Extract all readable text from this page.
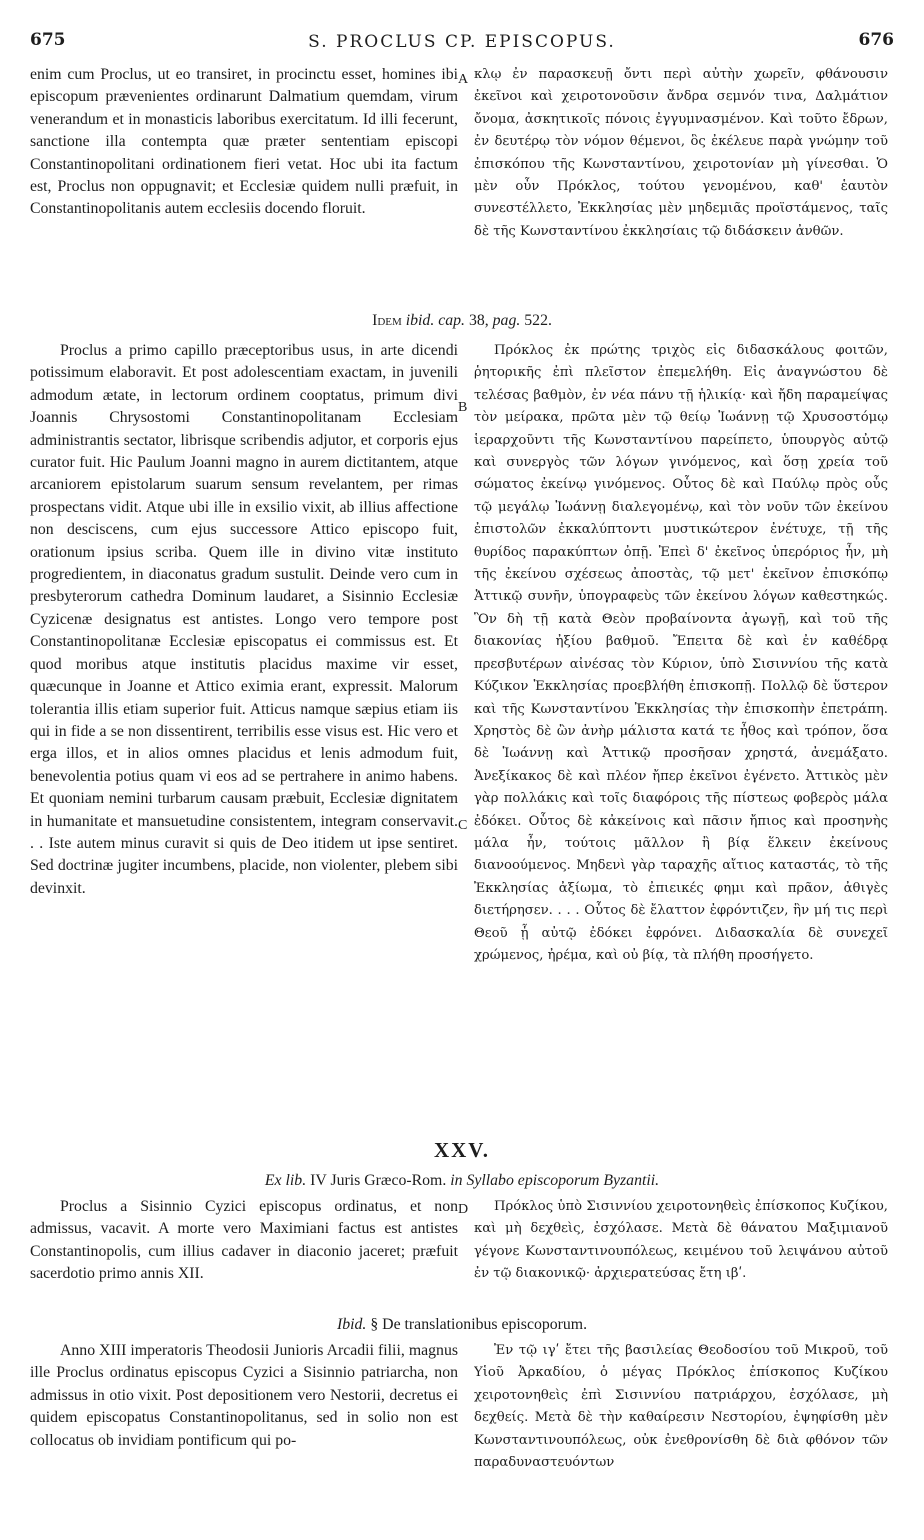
675	S. PROCLUS CP. EPISCOPUS.	676

enim cum Proclus, ut eo transiret, in procinctu esset, homines ibi episcopum prævenientes ordinarunt Dalmatium quemdam, virum venerandum et in monasticis laboribus exercitatum. Id illi fecerunt, sanctione illa contempta quæ præter sententiam episcopi Constantinopolitani ordinationem fieri vetat. Hoc ubi ita factum est, Proclus non oppugnavit; et Ecclesiæ quidem nulli præfuit, in Constantinopolitanis autem ecclesiis docendo floruit.

A κλῳ ἐν παρασκευῇ ὄντι περὶ αὐτὴν χωρεῖν, φθάνουσιν ἐκεῖνοι καὶ χειροτονοῦσιν ἄνδρα σεμνόν τινα, Δαλμάτιον ὄνομα, ἀσκητικοῖς πόνοις ἐγγυμνασμένον. Καὶ τοῦτο ἔδρων, ἐν δευτέρῳ τὸν νόμον θέμενοι, ὃς ἐκέλευε παρὰ γνώμην τοῦ ἐπισκόπου τῆς Κωνσταντίνου, χειροτονίαν μὴ γίνεσθαι. Ὁ μὲν οὖν Πρόκλος, τούτου γενομένου, καθ' ἑαυτὸν συνεστέλλετο, Ἐκκλησίας μὲν μηδεμιᾶς προϊστάμενος, ταῖς δὲ τῆς Κωνσταντίνου ἐκκλησίαις τῷ διδάσκειν ἀνθῶν.

Idem ibid. cap. 38, pag. 522.

Proclus a primo capillo præceptoribus usus, in arte dicendi potissimum elaboravit. Et post adolescentiam exactam, in juvenili admodum ætate, in lectorum ordinem cooptatus, primum divi Joannis Chrysostomi Constantinopolitanam Ecclesiam administrantis sectator, librisque scribendis adjutor, et corporis ejus curator fuit. Hic Paulum Joanni magno in aurem dictitantem, atque arcaniorem epistolarum suarum sensum revelantem, per rimas prospectans vidit. Atque ubi ille in exsilio vixit, ab illius affectione non desciscens, cum ejus successore Attico episcopo fuit, orationum ipsius scriba. Quem ille in divino vitæ instituto progredientem, in diaconatus gradum sustulit. Deinde vero cum in presbyterorum cathedra Dominum laudaret, a Sisinnio Ecclesiæ Cyzicenæ designatus est antistes. Longo vero tempore post Constantinopolitanæ Ecclesiæ episcopatus ei commissus est. Et quod moribus atque institutis placidus maxime vir esset, quæcunque in Joanne et Attico eximia erant, expressit. Malorum tolerantia illis etiam superior fuit. Atticus namque sæpius etiam iis qui in fide a se non dissentirent, terribilis esse visus est. Hic vero et erga illos, et in alios omnes placidus et lenis admodum fuit, benevolentia potius quam vi eos ad se pertrahere in animo habens. Et quoniam nemini turbarum causam præbuit, Ecclesiæ dignitatem in humanitate et mansuetudine consistentem, integram conservavit. . . Iste autem minus curavit si quis de Deo itidem ut ipse sentiret. Sed doctrinæ jugiter incumbens, placide, non violenter, plebem sibi devinxit.

B
C

Πρόκλος ἐκ πρώτης τριχὸς εἰς διδασκάλους φοιτῶν, ῥητορικῆς ἐπὶ πλεῖστον ἐπεμελήθη. Εἰς ἀναγνώστου δὲ τελέσας βαθμὸν, ἐν νέα πάνυ τῇ ἡλικίᾳ· καὶ ἤδη παραμείψας τὸν μείρακα, πρῶτα μὲν τῷ θείῳ Ἰωάννῃ τῷ Χρυσοστόμῳ ἱεραρχοῦντι τῆς Κωνσταντίνου παρείπετο, ὑπουργὸς αὐτῷ καὶ συνεργὸς τῶν λόγων γινόμενος, καὶ ὅσῃ χρεία τοῦ σώματος ἐκείνῳ γινόμενος. Οὗτος δὲ καὶ Παύλῳ πρὸς οὖς τῷ μεγάλῳ Ἰωάννῃ διαλεγομένῳ, καὶ τὸν νοῦν τῶν ἐκείνου ἐπιστολῶν ἐκκαλύπτοντι μυστικώτερον ἐνέτυχε, τῇ τῆς θυρίδος παρακύπτων ὀπῇ. Ἐπεὶ δ' ἐκεῖνος ὑπερόριος ἦν, μὴ τῆς ἐκείνου σχέσεως ἀποστὰς, τῷ μετ' ἐκεῖνον ἐπισκόπῳ Ἀττικῷ συνῆν, ὑπογραφεὺς τῶν ἐκείνου λόγων καθεστηκώς. Ὃν δὴ τῇ κατὰ Θεὸν προβαίνοντα ἀγωγῇ, καὶ τοῦ τῆς διακονίας ἠξίου βαθμοῦ. Ἔπειτα δὲ καὶ ἐν καθέδρᾳ πρεσβυτέρων αἰνέσας τὸν Κύριον, ὑπὸ Σισιννίου τῆς κατὰ Κύζικον Ἐκκλησίας προεβλήθη ἐπισκοπῇ. Πολλῷ δὲ ὕστερον καὶ τῆς Κωνσταντίνου Ἐκκλησίας τὴν ἐπισκοπὴν ἐπετράπη. Χρηστὸς δὲ ὢν ἀνὴρ μάλιστα κατά τε ἦθος καὶ τρόπον, ὅσα δὲ Ἰωάννῃ καὶ Ἀττικῷ προσῆσαν χρηστά, ἀνεμάξατο. Ἀνεξίκακος δὲ καὶ πλέον ἤπερ ἐκεῖνοι ἐγένετο. Ἀττικὸς μὲν γὰρ πολλάκις καὶ τοῖς διαφόροις τῆς πίστεως φοβερὸς μάλα ἐδόκει. Οὗτος δὲ κἀκείνοις καὶ πᾶσιν ἤπιος καὶ προσηνὴς μάλα ἦν, τούτοις μᾶλλον ἢ βίᾳ ἕλκειν ἐκείνους διανοούμενος. Μηδενὶ γὰρ ταραχῆς αἴτιος καταστάς, τὸ τῆς Ἐκκλησίας ἀξίωμα, τὸ ἐπιεικές φημι καὶ πρᾶον, ἀθιγὲς διετήρησεν. . . . Οὗτος δὲ ἔλαττον ἐφρόντιζεν, ἣν μή τις περὶ Θεοῦ ᾗ αὐτῷ ἐδόκει ἐφρόνει. Διδασκαλία δὲ συνεχεῖ χρώμενος, ἠρέμα, καὶ οὐ βίᾳ, τὰ πλήθη προσήγετο.

XXV.
Ex lib. IV Juris Græco-Rom. in Syllabo episcoporum Byzantii.

Proclus a Sisinnio Cyzici episcopus ordinatus, et non admissus, vacavit. A morte vero Maximiani factus est antistes Constantinopolis, cum illius cadaver in diaconio jaceret; præfuit sacerdotio primo annis XII.

D	Πρόκλος ὑπὸ Σισιννίου χειροτονηθεὶς ἐπίσκοπος Κυζίκου, καὶ μὴ δεχθεὶς, ἐσχόλασε. Μετὰ δὲ θάνατου Μαξιμιανοῦ γέγονε Κωνσταντινουπόλεως, κειμένου τοῦ λειψάνου αὐτοῦ ἐν τῷ διακονικῷ· ἀρχιερατεύσας ἔτη ιβʹ.

Ibid. § De translationibus episcoporum.

Anno XIII imperatoris Theodosii Junioris Arcadii filii, magnus ille Proclus ordinatus episcopus Cyzici a Sisinnio patriarcha, non admissus in otio vixit. Post depositionem vero Nestorii, decretus ei quidem episcopatus Constantinopolitanus, sed in solio non est collocatus ob invidiam pontificum qui po-

Ἐν τῷ ιγʹ ἔτει τῆς βασιλείας Θεοδοσίου τοῦ Μικροῦ, τοῦ Υἱοῦ Ἀρκαδίου, ὁ μέγας Πρόκλος ἐπίσκοπος Κυζίκου χειροτονηθεὶς ἐπὶ Σισιννίου πατριάρχου, ἐσχόλασε, μὴ δεχθείς. Μετὰ δὲ τὴν καθαίρεσιν Νεστορίου, ἐψηφίσθη μὲν Κωνσταντινουπόλεως, οὐκ ἐνεθρονίσθη δὲ διὰ φθόνον τῶν παραδυναστευόντων
